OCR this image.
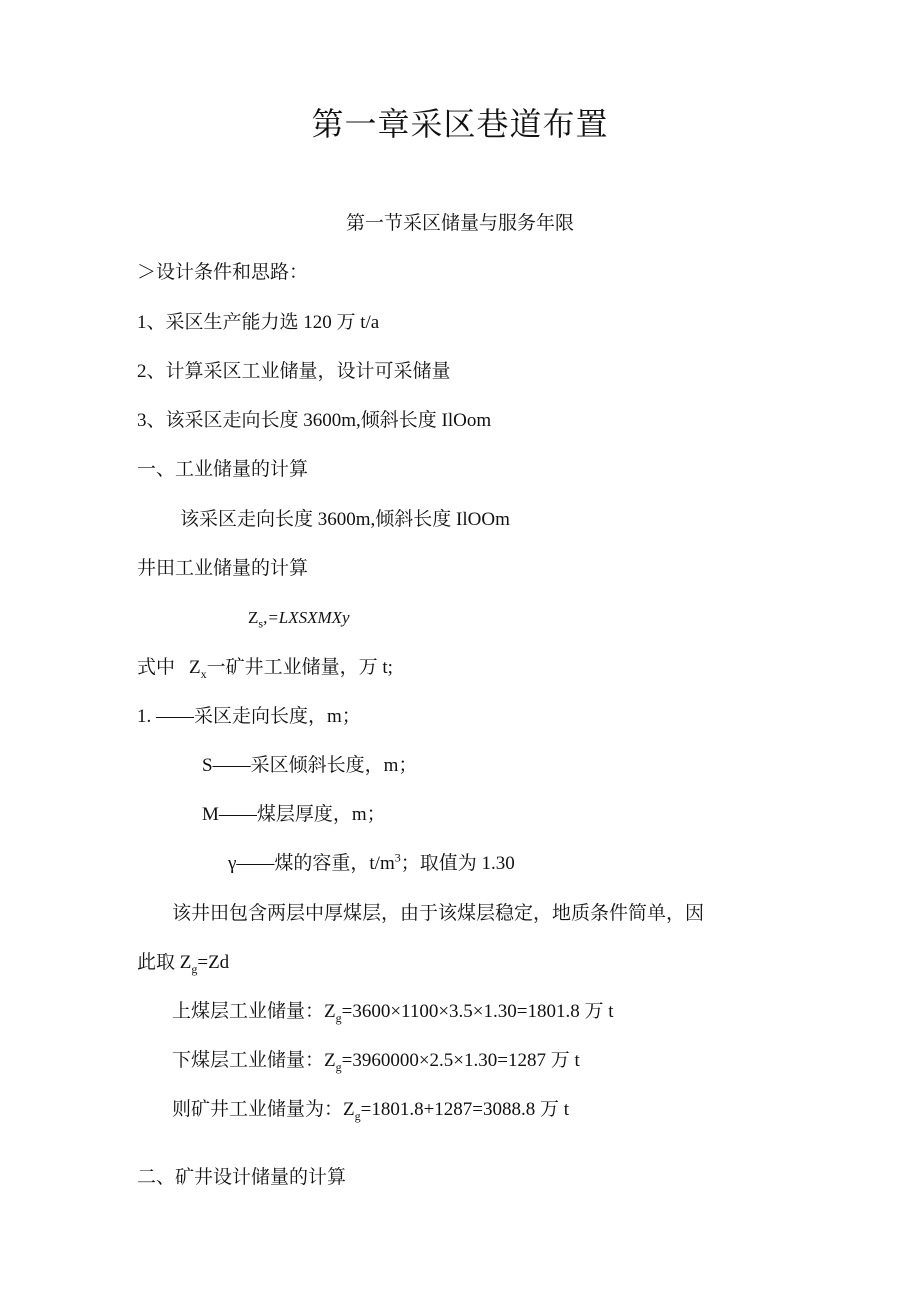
第一章采区巷道布置
第一节采区储量与服务年限

＞设计条件和思路：

1、采区生产能力选 120 万 t/a

2、计算采区工业储量，设计可采储量

3、该采区走向长度 3600m,倾斜长度 IlOom

一、工业储量的计算

该采区走向长度 3600m,倾斜长度 IlOOm

井田工业储量的计算

$Z_s,=LXSXMXy$

式中 $Z_x$一矿井工业储量，万 t;

1. ——采区走向长度，m；

S——采区倾斜长度，m；

M——煤层厚度，m；

γ——煤的容重，$t/m^3$；取值为 1.30

该井田包含两层中厚煤层，由于该煤层稳定，地质条件简单，因

此取 $Z_g=Zd$

上煤层工业储量：$Z_g=3600\times 1100\times 3.5\times 1.30=1801.8$ 万 t

下煤层工业储量：$Z_g=3960000\times 2.5\times 1.30=1287$ 万 t

则矿井工业储量为：$Z_g=1801.8+1287=3088.8$ 万 t

二、矿井设计储量的计算
